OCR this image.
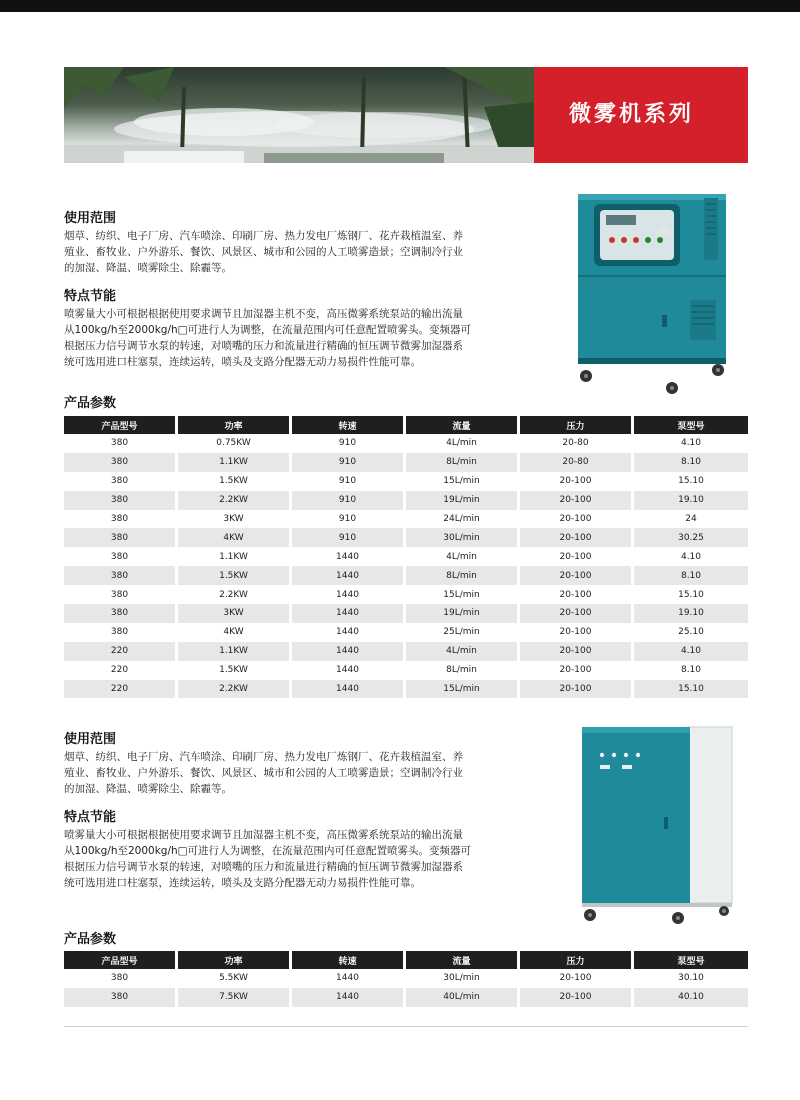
微雾机系列
使用范围
烟草、纺织、电子厂房、汽车喷涂、印刷厂房、热力发电厂炼钢厂、花卉栽植温室、养
殖业、畜牧业、户外游乐、餐饮、风景区、城市和公园的人工喷雾造景；空调制冷行业
的加湿、降温、喷雾除尘、除霾等。
特点节能
喷雾量大小可根据根据使用要求调节且加湿器主机不变，高压微雾系统泵站的输出流量
从100kg/h至2000kg/h□可进行人为调整，在流量范围内可任意配置喷雾头。变频器可
根据压力信号调节水泵的转速，对喷嘴的压力和流量进行精确的恒压调节微雾加湿器系
统可选用进口柱塞泵，连续运转，喷头及支路分配器无动力易损件性能可靠。
产品参数
产品型号	功率	转速	流量	压力	泵型号
380	0.75KW	910	4L/min	20-80	4.10
380	1.1KW	910	8L/min	20-80	8.10
380	1.5KW	910	15L/min	20-100	15.10
380	2.2KW	910	19L/min	20-100	19.10
380	3KW	910	24L/min	20-100	24
380	4KW	910	30L/min	20-100	30.25
380	1.1KW	1440	4L/min	20-100	4.10
380	1.5KW	1440	8L/min	20-100	8.10
380	2.2KW	1440	15L/min	20-100	15.10
380	3KW	1440	19L/min	20-100	19.10
380	4KW	1440	25L/min	20-100	25.10
220	1.1KW	1440	4L/min	20-100	4.10
220	1.5KW	1440	8L/min	20-100	8.10
220	2.2KW	1440	15L/min	20-100	15.10
使用范围
烟草、纺织、电子厂房、汽车喷涂、印刷厂房、热力发电厂炼钢厂、花卉栽植温室、养
殖业、畜牧业、户外游乐、餐饮、风景区、城市和公园的人工喷雾造景；空调制冷行业
的加湿、降温、喷雾除尘、除霾等。
特点节能
喷雾量大小可根据根据使用要求调节且加湿器主机不变，高压微雾系统泵站的输出流量
从100kg/h至2000kg/h□可进行人为调整，在流量范围内可任意配置喷雾头。变频器可
根据压力信号调节水泵的转速，对喷嘴的压力和流量进行精确的恒压调节微雾加湿器系
统可选用进口柱塞泵，连续运转，喷头及支路分配器无动力易损件性能可靠。
产品参数
产品型号	功率	转速	流量	压力	泵型号
380	5.5KW	1440	30L/min	20-100	30.10
380	7.5KW	1440	40L/min	20-100	40.10
